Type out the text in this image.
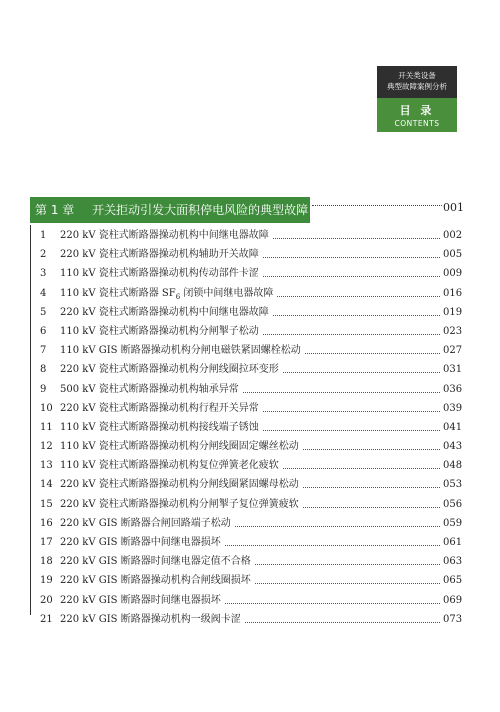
开关类设备
典型故障案例分析
目 录
CONTENTS
第 1 章 开关拒动引发大面积停电风险的典型故障	001
1	220 kV 瓷柱式断路器操动机构中间继电器故障	002
2	220 kV 瓷柱式断路器操动机构辅助开关故障	005
3	110 kV 瓷柱式断路器操动机构传动部件卡涩	009
4	110 kV 瓷柱式断路器 $SF_6$ 闭锁中间继电器故障	016
5	220 kV 瓷柱式断路器操动机构中间继电器故障	019
6	110 kV 瓷柱式断路器操动机构分闸掣子松动	023
7	110 kV GIS 断路器操动机构分闸电磁铁紧固螺栓松动	027
8	220 kV 瓷柱式断路器操动机构分闸线圈拉环变形	031
9	500 kV 瓷柱式断路器操动机构轴承异常	036
10 220 kV 瓷柱式断路器操动机构行程开关异常	039
11 110 kV 瓷柱式断路器操动机构接线端子锈蚀	041
12 110 kV 瓷柱式断路器操动机构分闸线圈固定螺丝松动	043
13 110 kV 瓷柱式断路器操动机构复位弹簧老化疲软	048
14 220 kV 瓷柱式断路器操动机构分闸线圈紧固螺母松动	053
15 220 kV 瓷柱式断路器操动机构分闸掣子复位弹簧疲软	056
16 220 kV GIS 断路器合闸回路端子松动	059
17 220 kV GIS 断路器中间继电器损坏	061
18 220 kV GIS 断路器时间继电器定值不合格	063
19 220 kV GIS 断路器操动机构合闸线圈损坏	065
20 220 kV GIS 断路器时间继电器损坏	069
21 220 kV GIS 断路器操动机构一级阀卡涩	073
